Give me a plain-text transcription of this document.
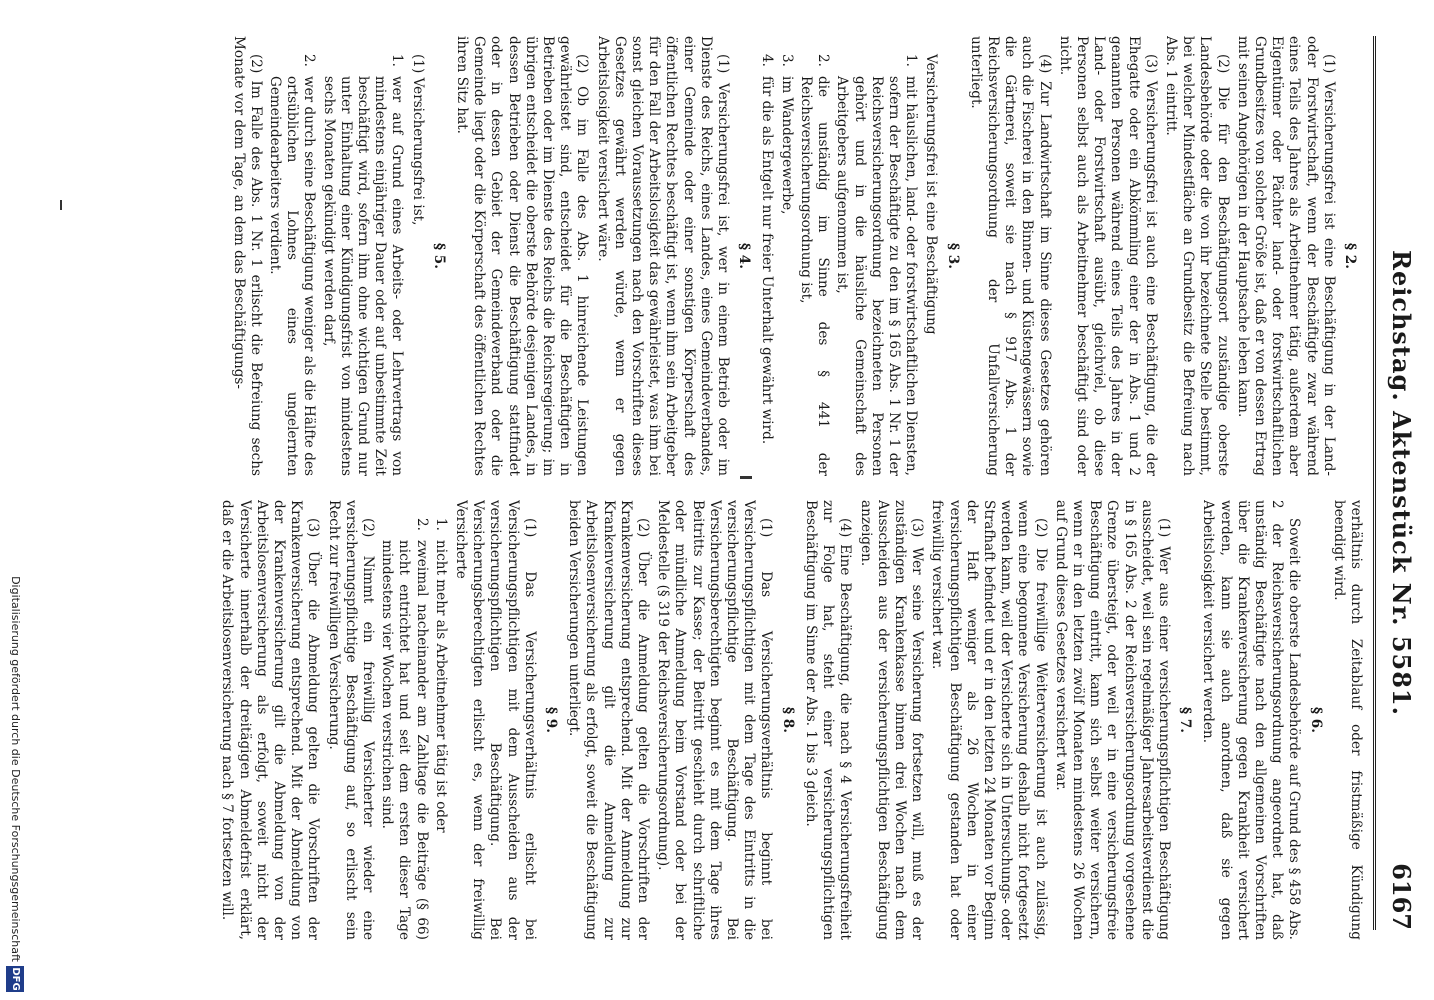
Reichstag. Aktenstück Nr. 5581.
6167
§ 2.

(1) Versicherungsfrei ist eine Beschäftigung in der Land- oder Forstwirtschaft, wenn der Beschäftigte zwar während eines Teils des Jahres als Arbeitnehmer tätig, außerdem aber Eigentümer oder Pächter land- oder forstwirtschaftlichen Grundbesitzes von solcher Größe ist, daß er von dessen Ertrag mit seinen Angehörigen in der Hauptsache leben kann.

(2) Die für den Beschäftigungsort zuständige oberste Landesbehörde oder die von ihr bezeichnete Stelle bestimmt, bei welcher Mindestfläche an Grundbesitz die Befreiung nach Abs. 1 eintritt.

(3) Versicherungsfrei ist auch eine Beschäftigung, die der Ehegatte oder ein Abkömmling einer der in Abs. 1 und 2 genannten Personen während eines Teils des Jahres in der Land- oder Forstwirtschaft ausübt, gleichviel, ob diese Personen selbst auch als Arbeitnehmer beschäftigt sind oder nicht.

(4) Zur Landwirtschaft im Sinne dieses Gesetzes gehören auch die Fischerei in den Binnen- und Küstengewässern sowie die Gärtnerei, soweit sie nach § 917 Abs. 1 der Reichsversicherungsordnung der Unfallversicherung unterliegt.

§ 3.

Versicherungsfrei ist eine Beschäftigung

1.mit häuslichen, land- oder forstwirtschaftlichen Diensten, sofern der Beschäftigte zu den im § 165 Abs. 1 Nr. 1 der Reichsversicherungsordnung bezeichneten Personen gehört und in die häusliche Gemeinschaft des Arbeitgebers aufgenommen ist,
2.die unständig im Sinne des § 441 der Reichsversicherungsordnung ist,
3.im Wandergewerbe,
4.für die als Entgelt nur freier Unterhalt gewährt wird.
§ 4.

(1) Versicherungsfrei ist, wer in einem Betrieb oder im Dienste des Reichs, eines Landes, eines Gemeindeverbandes, einer Gemeinde oder einer sonstigen Körperschaft des öffentlichen Rechtes beschäftigt ist, wenn ihm sein Arbeitgeber für den Fall der Arbeitslosigkeit das gewährleistet, was ihm bei sonst gleichen Voraussetzungen nach den Vorschriften dieses Gesetzes gewährt werden würde, wenn er gegen Arbeitslosigkeit versichert wäre.

(2) Ob im Falle des Abs. 1 hinreichende Leistungen gewährleistet sind, entscheidet für die Beschäftigten in Betrieben oder im Dienste des Reichs die Reichsregierung; im übrigen entscheidet die oberste Behörde desjenigen Landes, in dessen Betrieben oder Dienst die Beschäftigung stattfindet oder in dessen Gebiet der Gemeindeverband oder die Gemeinde liegt oder die Körperschaft des öffentlichen Rechtes ihren Sitz hat.

§ 5.

(1) Versicherungsfrei ist,

1.wer auf Grund eines Arbeits- oder Lehrvertrags von mindestens einjähriger Dauer oder auf unbestimmte Zeit beschäftigt wird, sofern ihm ohne wichtigen Grund nur unter Einhaltung einer Kündigungsfrist von mindestens sechs Monaten gekündigt werden darf,
2.wer durch seine Beschäftigung weniger als die Hälfte des ortsüblichen Lohnes eines ungelernten Gemeindearbeiters verdient.

(2) Im Falle des Abs. 1 Nr. 1 erlischt die Befreiung sechs Monate vor dem Tage, an dem das Beschäftigungs-

verhältnis durch Zeitablauf oder fristmäßige Kündigung beendigt wird.

§ 6.

Soweit die oberste Landesbehörde auf Grund des § 458 Abs. 2 der Reichsversicherungsordnung angeordnet hat, daß unständig Beschäftigte nach den allgemeinen Vorschriften über die Krankenversicherung gegen Krankheit versichert werden, kann sie auch anordnen, daß sie gegen Arbeitslosigkeit versichert werden.

§ 7.

(1) Wer aus einer versicherungspflichtigen Beschäftigung ausscheidet, weil sein regelmäßiger Jahresarbeitsverdienst die in § 165 Abs. 2 der Reichsversicherungsordnung vorgesehene Grenze übersteigt, oder weil er in eine versicherungsfreie Beschäftigung eintritt, kann sich selbst weiter versichern, wenn er in den letzten zwölf Monaten mindestens 26 Wochen auf Grund dieses Gesetzes versichert war.

(2) Die freiwillige Weiterversicherung ist auch zulässig, wenn eine begonnene Versicherung deshalb nicht fortgesetzt werden kann, weil der Versicherte sich in Untersuchungs- oder Strafhaft befindet und er in den letzten 24 Monaten vor Beginn der Haft weniger als 26 Wochen in einer versicherungspflichtigen Beschäftigung gestanden hat oder freiwillig versichert war.

(3) Wer seine Versicherung fortsetzen will, muß es der zuständigen Krankenkasse binnen drei Wochen nach dem Ausscheiden aus der versicherungspflichtigen Beschäftigung anzeigen.

(4) Eine Beschäftigung, die nach § 4 Versicherungsfreiheit zur Folge hat, steht einer versicherungspflichtigen Beschäftigung im Sinne der Abs. 1 bis 3 gleich.

§ 8.

(1) Das Versicherungsverhältnis beginnt bei Versicherungspflichtigen mit dem Tage des Eintritts in die versicherungspflichtige Beschäftigung. Bei Versicherungsberechtigten beginnt es mit dem Tage ihres Beitritts zur Kasse; der Beitritt geschieht durch schriftliche oder mündliche Anmeldung beim Vorstand oder bei der Meldestelle (§ 319 der Reichsversicherungsordnung).

(2) Über die Anmeldung gelten die Vorschriften der Krankenversicherung entsprechend. Mit der Anmeldung zur Krankenversicherung gilt die Anmeldung zur Arbeitslosenversicherung als erfolgt, soweit die Beschäftigung beiden Versicherungen unterliegt.

§ 9.

(1) Das Versicherungsverhältnis erlischt bei Versicherungspflichtigen mit dem Ausscheiden aus der versicherungspflichtigen Beschäftigung. Bei Versicherungsberechtigten erlischt es, wenn der freiwillig Versicherte

1.nicht mehr als Arbeitnehmer tätig ist oder
2.zweimal nacheinander am Zahltage die Beiträge (§ 66) nicht entrichtet hat und seit dem ersten dieser Tage mindestens vier Wochen verstrichen sind.

(2) Nimmt ein freiwillig Versicherter wieder eine versicherungspflichtige Beschäftigung auf, so erlischt sein Recht zur freiwilligen Versicherung.

(3) Über die Abmeldung gelten die Vorschriften der Krankenversicherung entsprechend. Mit der Abmeldung von der Krankenversicherung gilt die Abmeldung von der Arbeitslosenversicherung als erfolgt, soweit nicht der Versicherte innerhalb der dreitägigen Abmeldefrist erklärt, daß er die Arbeitslosenversicherung nach § 7 fortsetzen will.

Digitalisierung gefördert durch die Deutsche Forschungsgemeinschaft
DFG
